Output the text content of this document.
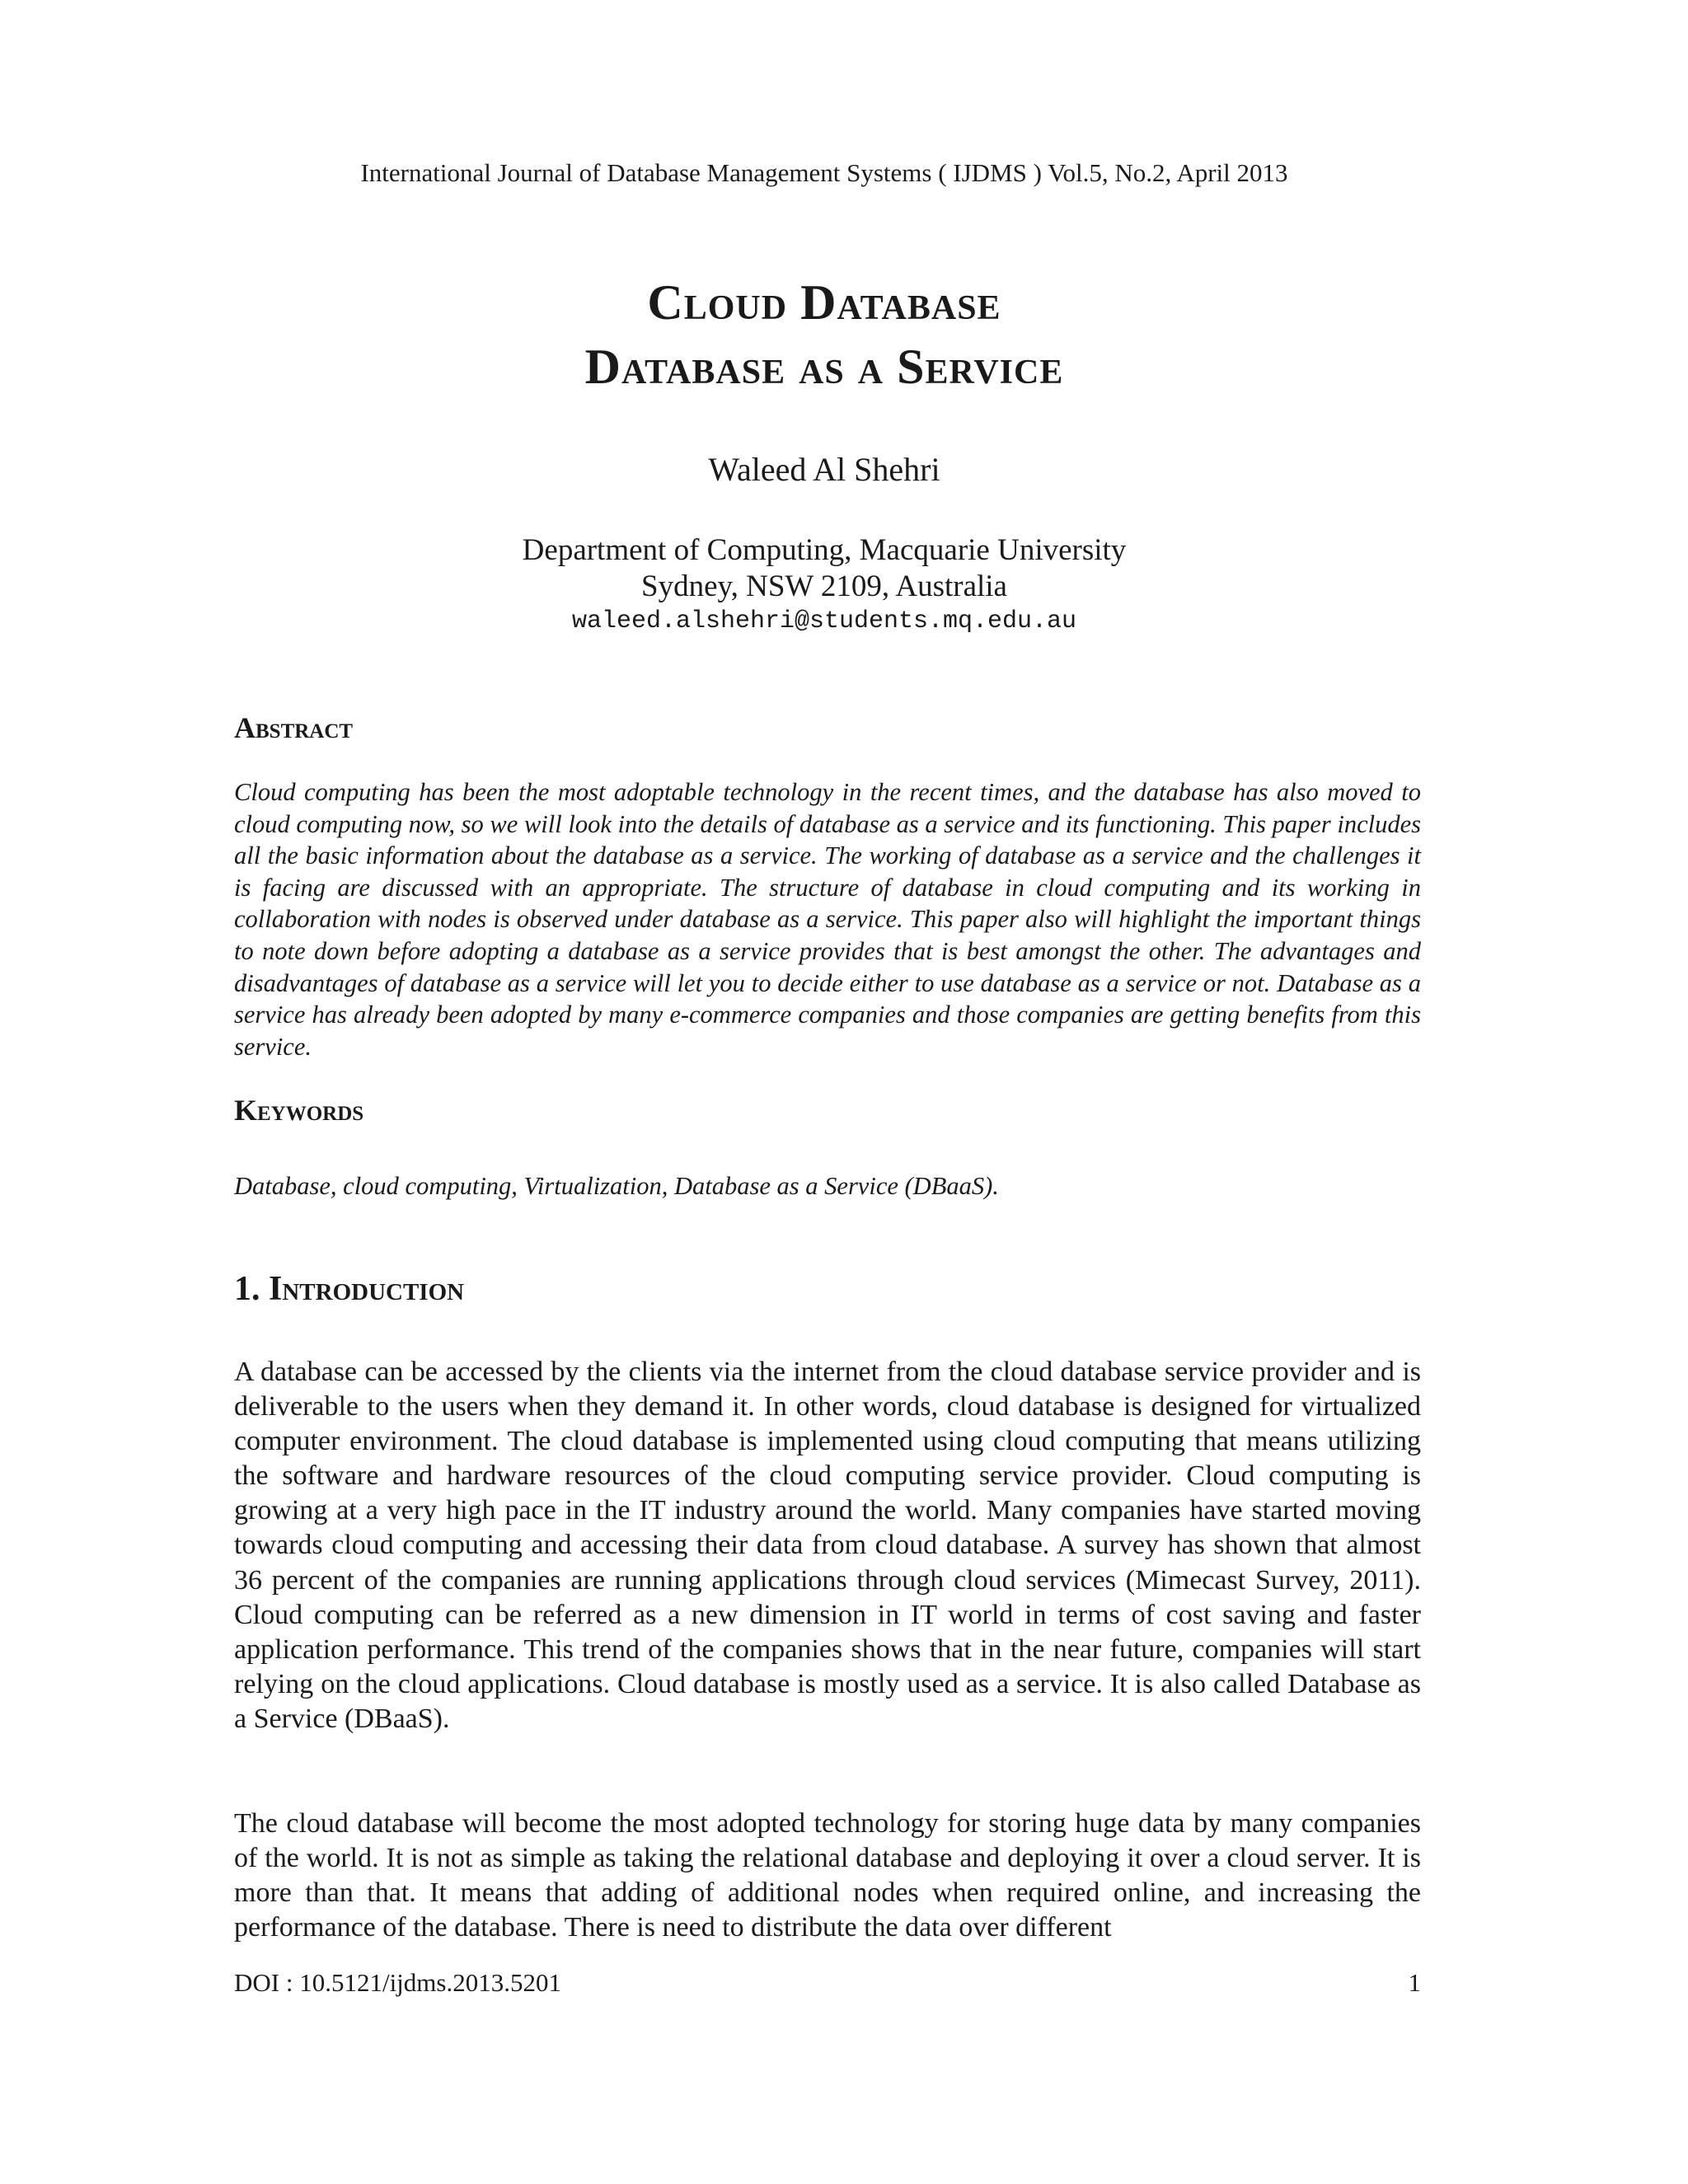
International Journal of Database Management Systems ( IJDMS ) Vol.5, No.2, April 2013

Cloud Database
Database as a Service

Waleed Al Shehri

Department of Computing, Macquarie University
Sydney, NSW 2109, Australia
waleed.alshehri@students.mq.edu.au
Abstract

Cloud computing has been the most adoptable technology in the recent times, and the database has also moved to cloud computing now, so we will look into the details of database as a service and its functioning. This paper includes all the basic information about the database as a service. The working of database as a service and the challenges it is facing are discussed with an appropriate. The structure of database in cloud computing and its working in collaboration with nodes is observed under database as a service. This paper also will highlight the important things to note down before adopting a database as a service provides that is best amongst the other. The advantages and disadvantages of database as a service will let you to decide either to use database as a service or not. Database as a service has already been adopted by many e-commerce companies and those companies are getting benefits from this service.

Keywords

Database, cloud computing, Virtualization, Database as a Service (DBaaS).

1. Introduction

A database can be accessed by the clients via the internet from the cloud database service provider and is deliverable to the users when they demand it. In other words, cloud database is designed for virtualized computer environment. The cloud database is implemented using cloud computing that means utilizing the software and hardware resources of the cloud computing service provider. Cloud computing is growing at a very high pace in the IT industry around the world. Many companies have started moving towards cloud computing and accessing their data from cloud database. A survey has shown that almost 36 percent of the companies are running applications through cloud services (Mimecast Survey, 2011). Cloud computing can be referred as a new dimension in IT world in terms of cost saving and faster application performance. This trend of the companies shows that in the near future, companies will start relying on the cloud applications. Cloud database is mostly used as a service. It is also called Database as a Service (DBaaS).

The cloud database will become the most adopted technology for storing huge data by many companies of the world. It is not as simple as taking the relational database and deploying it over a cloud server. It is more than that. It means that adding of additional nodes when required online, and increasing the performance of the database. There is need to distribute the data over different

DOI : 10.5121/ijdms.2013.5201	1
